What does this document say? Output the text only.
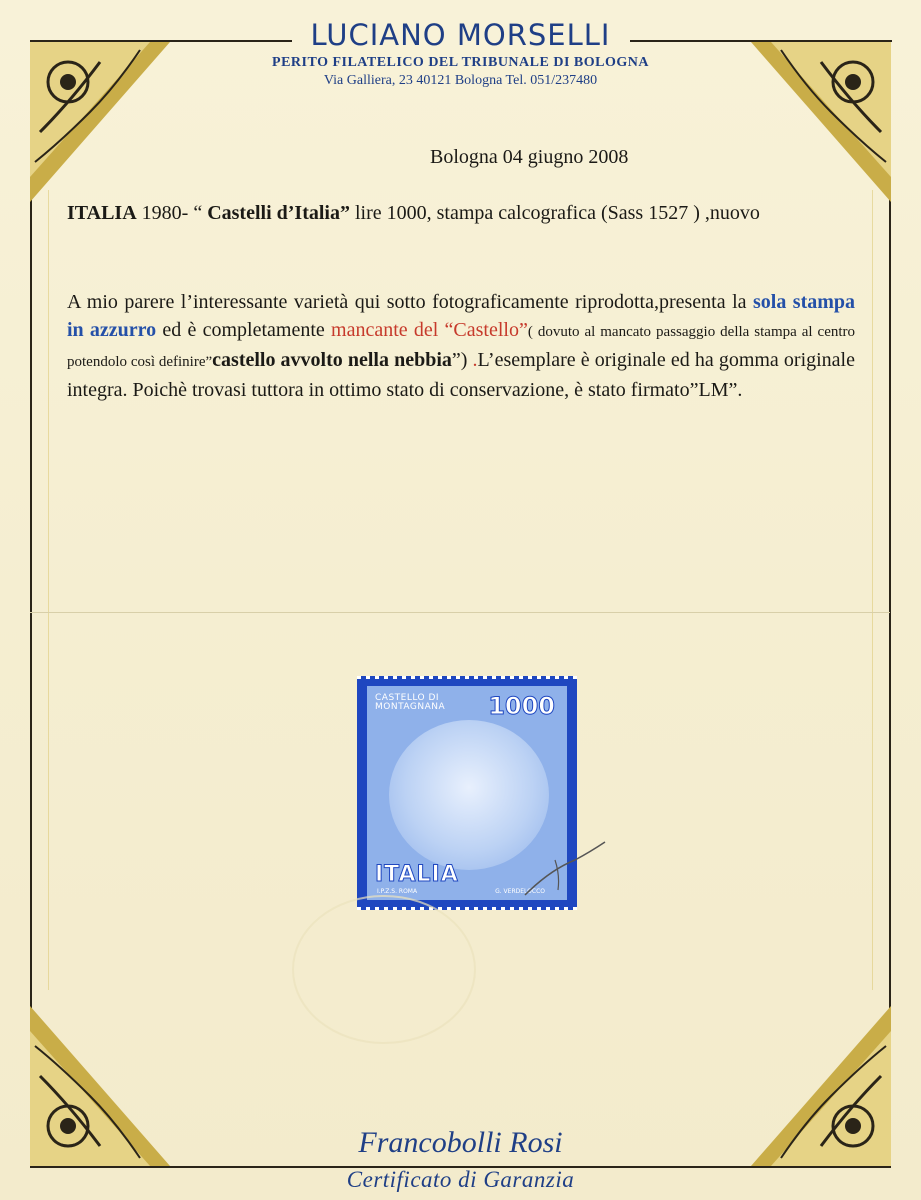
LUCIANO MORSELLI
PERITO FILATELICO DEL TRIBUNALE DI BOLOGNA
Via Galliera, 23 40121 Bologna Tel. 051/237480
Bologna 04 giugno 2008
ITALIA 1980- “ Castelli d’Italia” lire 1000, stampa calcografica (Sass 1527 ) ,nuovo
A mio parere l’interessante varietà qui sotto fotograficamente riprodotta,presenta la sola stampa in azzurro ed è completamente mancante del “Castello”( dovuto al mancato passaggio della stampa al centro potendolo così definire”castello avvolto nella nebbia”) .L’esemplare è originale ed ha gomma originale integra. Poichè trovasi tuttora in ottimo stato di conservazione, è stato firmato”LM”.
CASTELLO DI
MONTAGNANA 1000
ITALIA
I.P.Z.S. ROMA	G. VERDELOCCO
Francobolli Rosi
Certificato di Garanzia
